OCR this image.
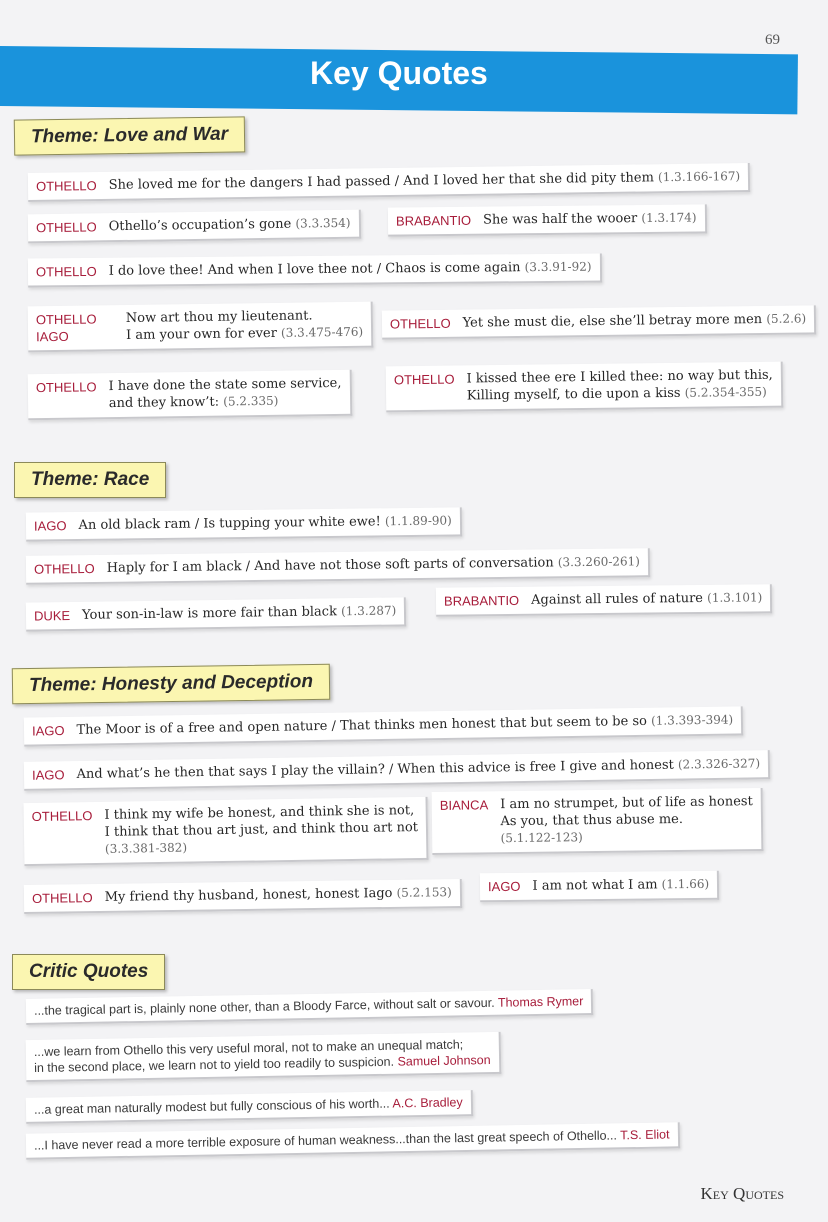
69
Key Quotes
Theme: Love and War
OTHELLO She loved me for the dangers I had passed / And I loved her that she did pity them
(1.3.166-167)
OTHELLO Othello’s occupation’s gone
(3.3.354)	BRABANTIO She was half the wooer
(1.3.174)
OTHELLO I do love thee! And when I love thee not / Chaos is come again
(3.3.91-92)
OTHELLO	Now art thou my lieutenant.
IAGO	I am your own for ever
(3.3.475-476)
OTHELLO Yet she must die, else she’ll betray more men
(5.2.6)
OTHELLO I have done the state some service,
and they know’t: (5.2.335)
OTHELLO I kissed thee ere I killed thee: no way but this,
Killing myself, to die upon a kiss (5.2.354-355)
Theme: Race
IAGO An old black ram / Is tupping your white ewe!
(1.1.89-90)
OTHELLO Haply for I am black / And have not those soft parts of conversation
(3.3.260-261)
DUKE Your son-in-law is more fair than black
(1.3.287)
BRABANTIO Against all rules of nature
(1.3.101)
Theme: Honesty and Deception
IAGO The Moor is of a free and open nature / That thinks men honest that but seem to be so
(1.3.393-394)
IAGO And what’s he then that says I play the villain? / When this advice is free I give and honest
(2.3.326-327)
OTHELLO I think my wife be honest, and think she is not,
I think that thou art just, and think thou art not
(3.3.381-382)
BIANCA I am no strumpet, but of life as honest
As you, that thus abuse me.
(5.1.122-123)
OTHELLO My friend thy husband, honest, honest Iago
(5.2.153)	IAGO I am not what I am
(1.1.66)
Critic Quotes
...the tragical part is, plainly none other, than a Bloody Farce, without salt or savour. Thomas Rymer
...we learn from Othello this very useful moral, not to make an unequal match;
in the second place, we learn not to yield too readily to suspicion. Samuel Johnson
...a great man naturally modest but fully conscious of his worth... A.C. Bradley
...I have never read a more terrible exposure of human weakness...than the last great speech of Othello... T.S. Eliot
Key Quotes
